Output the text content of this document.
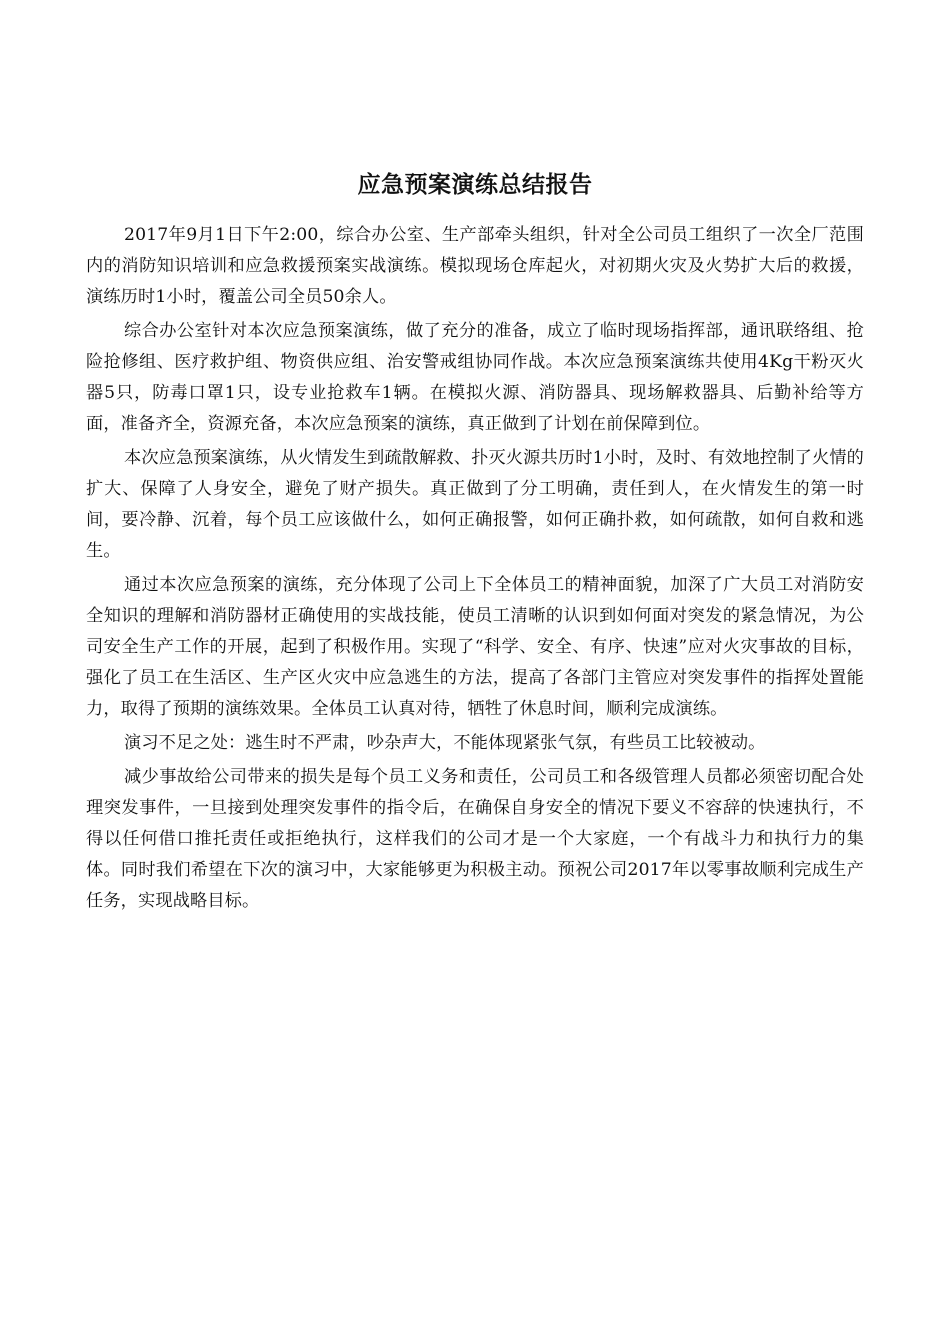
应急预案演练总结报告

2017年9月1日下午2:00，综合办公室、生产部牵头组织，针对全公司员工组织了一次全厂范围内的消防知识培训和应急救援预案实战演练。模拟现场仓库起火，对初期火灾及火势扩大后的救援，演练历时1小时，覆盖公司全员50余人。

综合办公室针对本次应急预案演练，做了充分的准备，成立了临时现场指挥部，通讯联络组、抢险抢修组、医疗救护组、物资供应组、治安警戒组协同作战。本次应急预案演练共使用4Kg干粉灭火器5只，防毒口罩1只，设专业抢救车1辆。在模拟火源、消防器具、现场解救器具、后勤补给等方面，准备齐全，资源充备，本次应急预案的演练，真正做到了计划在前保障到位。

本次应急预案演练，从火情发生到疏散解救、扑灭火源共历时1小时，及时、有效地控制了火情的扩大、保障了人身安全，避免了财产损失。真正做到了分工明确，责任到人，在火情发生的第一时间，要冷静、沉着，每个员工应该做什么，如何正确报警，如何正确扑救，如何疏散，如何自救和逃生。

通过本次应急预案的演练，充分体现了公司上下全体员工的精神面貌，加深了广大员工对消防安全知识的理解和消防器材正确使用的实战技能，使员工清晰的认识到如何面对突发的紧急情况，为公司安全生产工作的开展，起到了积极作用。实现了“科学、安全、有序、快速”应对火灾事故的目标，强化了员工在生活区、生产区火灾中应急逃生的方法，提高了各部门主管应对突发事件的指挥处置能力，取得了预期的演练效果。全体员工认真对待，牺牲了休息时间，顺利完成演练。

演习不足之处：逃生时不严肃，吵杂声大，不能体现紧张气氛，有些员工比较被动。

减少事故给公司带来的损失是每个员工义务和责任，公司员工和各级管理人员都必须密切配合处理突发事件，一旦接到处理突发事件的指令后，在确保自身安全的情况下要义不容辞的快速执行，不得以任何借口推托责任或拒绝执行，这样我们的公司才是一个大家庭，一个有战斗力和执行力的集体。同时我们希望在下次的演习中，大家能够更为积极主动。预祝公司2017年以零事故顺利完成生产任务，实现战略目标。
